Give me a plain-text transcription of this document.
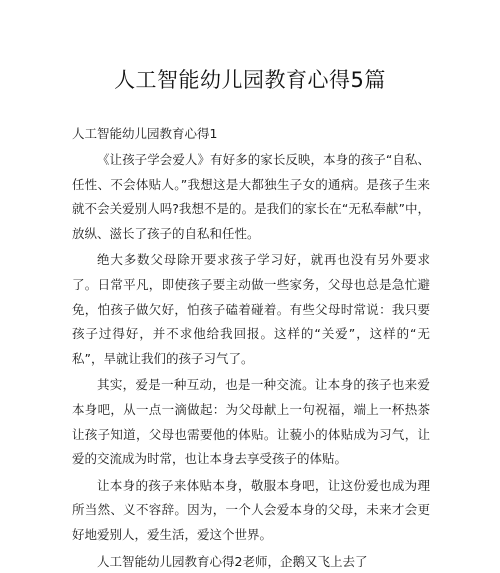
人工智能幼儿园教育心得5篇

人工智能幼儿园教育心得1

《让孩子学会爱人》有好多的家长反映，本身的孩子“自私、任性、不会体贴人。”我想这是大都独生子女的通病。是孩子生来就不会关爱别人吗?我想不是的。是我们的家长在“无私奉献”中，放纵、滋长了孩子的自私和任性。

绝大多数父母除开要求孩子学习好，就再也没有另外要求了。日常平凡，即使孩子要主动做一些家务，父母也总是急忙避免，怕孩子做欠好，怕孩子磕着碰着。有些父母时常说：我只要孩子过得好，并不求他给我回报。这样的“关爱”，这样的“无私”，旱就让我们的孩子习气了。

其实，爱是一种互动，也是一种交流。让本身的孩子也来爱本身吧，从一点一滴做起：为父母献上一句祝福，端上一杯热茶让孩子知道，父母也需要他的体贴。让藐小的体贴成为习气，让爱的交流成为时常，也让本身去享受孩子的体贴。

让本身的孩子来体贴本身，敬服本身吧，让这份爱也成为理所当然、义不容辞。因为，一个人会爱本身的父母，未来才会更好地爱别人，爱生活，爱这个世界。

人工智能幼儿园教育心得2老师，企鹅又飞上去了
